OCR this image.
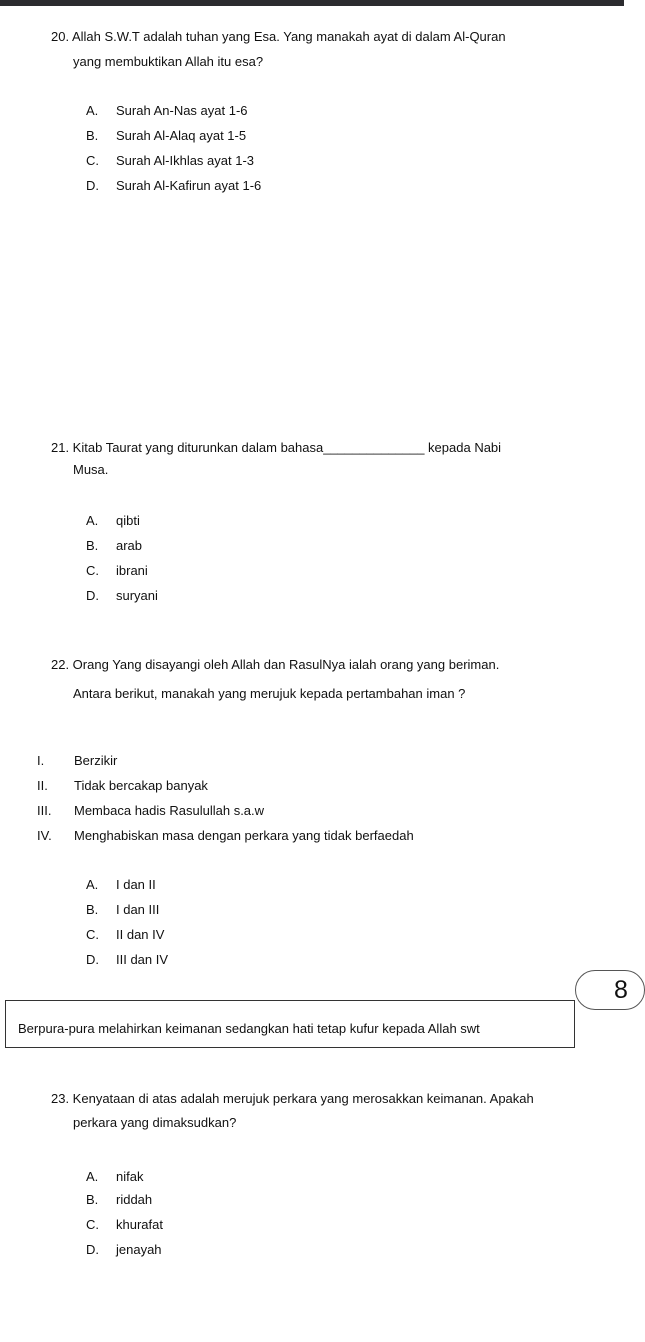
20. Allah S.W.T adalah tuhan yang Esa. Yang manakah ayat di dalam Al-Quran
yang membuktikan Allah itu esa?
A. Surah An-Nas ayat 1-6
B. Surah Al-Alaq ayat 1-5
C. Surah Al-Ikhlas ayat 1-3
D. Surah Al-Kafirun ayat 1-6
21. Kitab Taurat yang diturunkan dalam bahasa______________ kepada Nabi
Musa.
A. qibti
B. arab
C. ibrani
D. suryani
22. Orang Yang disayangi oleh Allah dan RasulNya ialah orang yang beriman.
Antara berikut, manakah yang merujuk kepada pertambahan iman ?
I. Berzikir
II. Tidak bercakap banyak
III. Membaca hadis Rasulullah s.a.w
IV. Menghabiskan masa dengan perkara yang tidak berfaedah
A. I dan II
B. I dan III
C. II dan IV
D. III dan IV
8
Berpura-pura melahirkan keimanan sedangkan hati tetap kufur kepada Allah swt
23. Kenyataan di atas adalah merujuk perkara yang merosakkan keimanan. Apakah
perkara yang dimaksudkan?
A. nifak
B. riddah
C. khurafat
D. jenayah
